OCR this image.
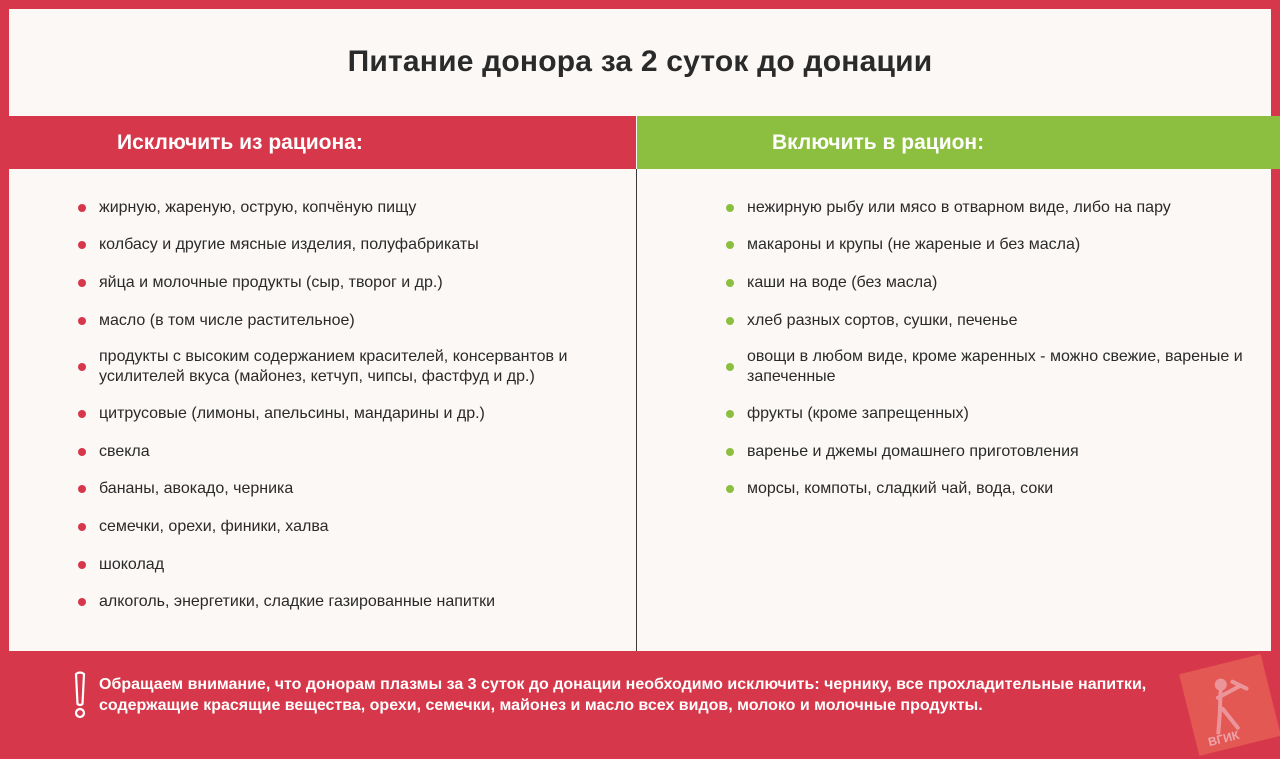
Питание донора за 2 суток до донации
Исключить из рациона:	Включить в рацион:
жирную, жареную, острую, копчёную пищу
колбасу и другие мясные изделия, полуфабрикаты
яйца и молочные продукты (сыр, творог и др.)
масло (в том числе растительное)
продукты с высоким содержанием красителей, консервантов и усилителей вкуса (майонез, кетчуп, чипсы, фастфуд и др.)
цитрусовые (лимоны, апельсины, мандарины и др.)
свекла
бананы, авокадо, черника
семечки, орехи, финики, халва
шоколад
алкоголь, энергетики, сладкие газированные напитки
нежирную рыбу или мясо в отварном виде, либо на пару
макароны и крупы (не жареные и без масла)
каши на воде (без масла)
хлеб разных сортов, сушки, печенье
овощи в любом виде, кроме жаренных - можно свежие, вареные и запеченные
фрукты (кроме запрещенных)
варенье и джемы домашнего приготовления
морсы, компоты, сладкий чай, вода, соки
Обращаем внимание, что донорам плазмы за 3 суток до донации необходимо исключить: чернику, все прохладительные напитки, содержащие красящие вещества, орехи, семечки, майонез и масло всех видов, молоко и молочные продукты.
ВГИК
